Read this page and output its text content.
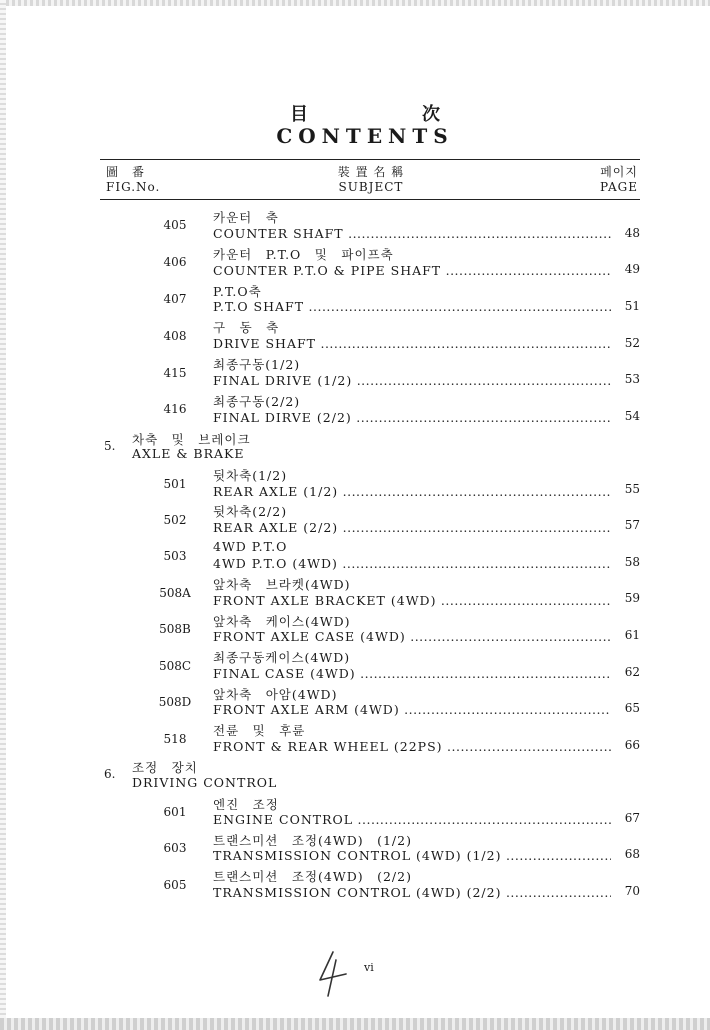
目	次
CONTENTS
圖　番
FIG.No.
裝 置 名 稱
SUBJECT
페이지
PAGE
405	카운터　축
COUNTER SHAFT .....	48
406	카운터　P.T.O　및　파이프축
COUNTER P.T.O & PIPE SHAFT .....	49
407	P.T.O축
P.T.O SHAFT .....	51
408
구　동　축
DRIVE SHAFT .....	52
415
최종구동(1/2)
FINAL DRIVE (1/2) .....	53
416	최종구동(2/2)
FINAL DIRVE (2/2) .....	54
5. 차축　및　브레이크
AXLE & BRAKE
501
뒷차축(1/2)
REAR AXLE (1/2) .....	55
502
뒷차축(2/2)
REAR AXLE (2/2) .....	57
503
4WD P.T.O
4WD P.T.O (4WD) .....	58
508A
앞차축　브라켓(4WD)
FRONT AXLE BRACKET (4WD) .....	59
508B	앞차축　케이스(4WD)
FRONT AXLE CASE (4WD) .....	61
508C
최종구동케이스(4WD)
FINAL CASE (4WD) .....	62
508D	앞차축　아암(4WD)
FRONT AXLE ARM (4WD) .....	65
518
전륜　및　후륜
FRONT & REAR WHEEL (22PS) .....	66
6. 조정　장치
DRIVING CONTROL
601	엔진　조정
ENGINE CONTROL .....	67
603	트랜스미션　조정(4WD)　(1/2)
TRANSMISSION CONTROL (4WD) (1/2) .....	68
605
트랜스미션　조정(4WD)　(2/2)
TRANSMISSION CONTROL (4WD) (2/2) .....	70
vi
